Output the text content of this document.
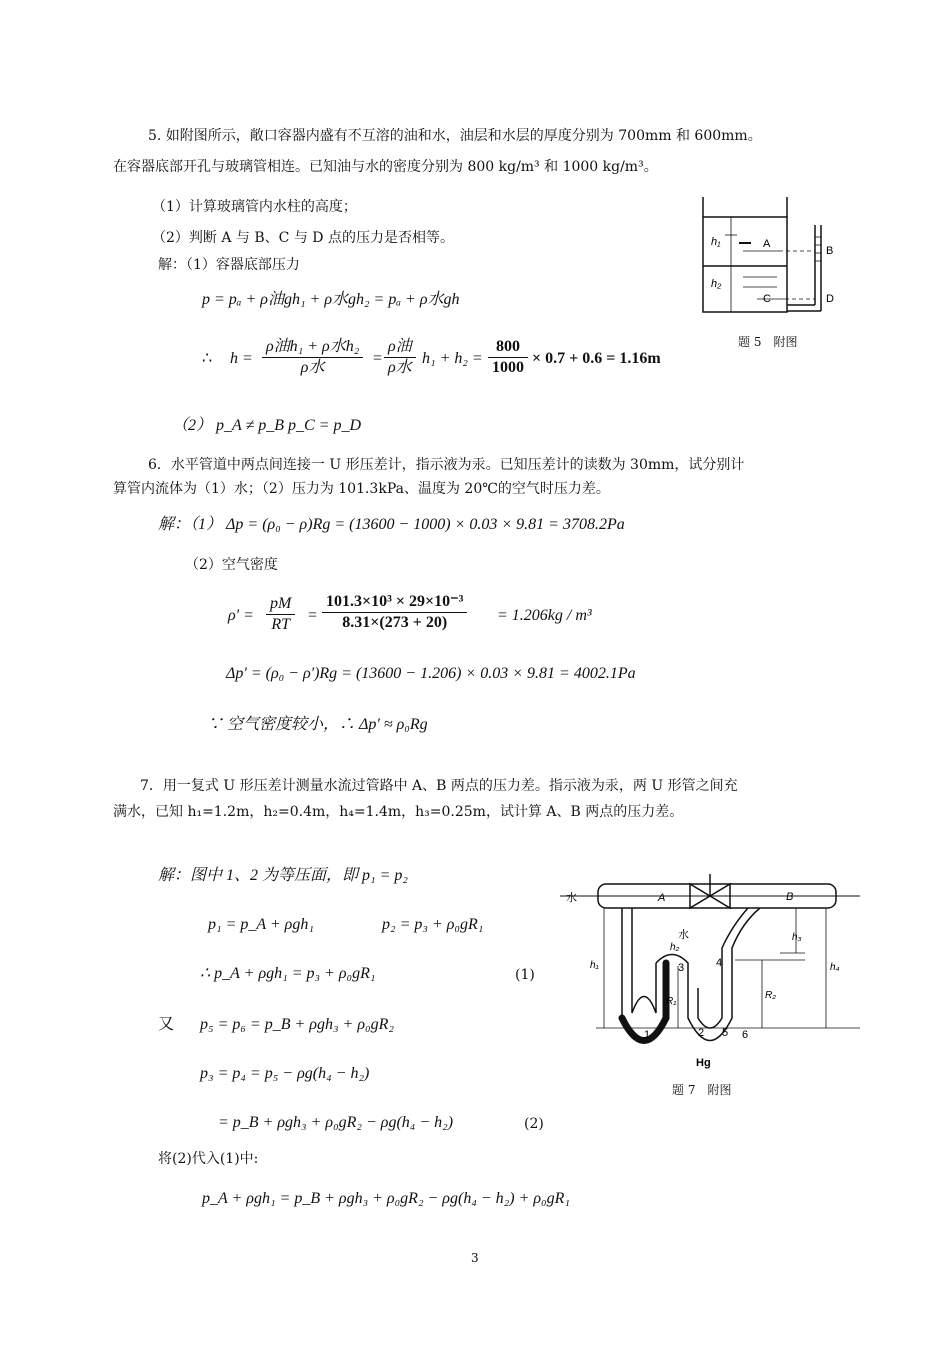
5. 如附图所示，敞口容器内盛有不互溶的油和水，油层和水层的厚度分别为 700mm 和 600mm。
在容器底部开孔与玻璃管相连。已知油与水的密度分别为 800 kg/m³ 和 1000 kg/m³。
（1）计算玻璃管内水柱的高度；
（2）判断 A 与 B、C 与 D 点的压力是否相等。
解：（1）容器底部压力
p = pₐ + ρ油gh₁ + ρ水gh₂ = pₐ + ρ水gh
∴ h =
ρ油h₁ + ρ水h₂
ρ水
=
ρ油
ρ水
$h_1 + h_2 = \frac{800}{1000} \times 0.7 + 0.6 = 1.16m$
（2） p_A ≠ p_B p_C = p_D
h₁
h₂
A
B
C	D
题 5　附图
6．水平管道中两点间连接一 U 形压差计，指示液为汞。已知压差计的读数为 30mm，试分别计
算管内流体为（1）水；（2）压力为 101.3kPa、温度为 20℃的空气时压力差。
解：（1） Δp = (ρ₀ − ρ)Rg = (13600 − 1000) × 0.03 × 9.81 = 3708.2Pa
（2）空气密度
$\rho' = \frac{pM}{RT} = \frac{\text{101.3×10³ × 29×10⁻³}}{8.31\times(273 + 20)} = 1.206kg / m^3$
Δp' = (ρ₀ − ρ')Rg = (13600 − 1.206) × 0.03 × 9.81 = 4002.1Pa
∵ 空气密度较小，∴ Δp' ≈ ρ₀Rg
7．用一复式 U 形压差计测量水流过管路中 A、B 两点的压力差。指示液为汞，两 U 形管之间充
满水，已知 h₁=1.2m，h₂=0.4m，h₄=1.4m，h₃=0.25m，试计算 A、B 两点的压力差。
解：图中 1、2 为等压面，即 p₁ = p₂
p₁ = p_A + ρgh₁	p₂ = p₃ + ρ₀gR₁
∴ p_A + ρgh₁ = p₃ + ρ₀gR₁	(1)
又 p₅ = p₆ = p_B + ρgh₃ + ρ₀gR₂
p₃ = p₄ = p₅ − ρg(h₄ − h₂)
= p_B + ρgh₃ + ρ₀gR₂ − ρg(h₄ − h₂)	(2)
将(2)代入(1)中:
p_A + ρgh₁ = p_B + ρgh₃ + ρ₀gR₂ − ρg(h₄ − h₂) + ρ₀gR₁
水	A	B
h₁
h₂
h₃
h₄
R₁
R₂
水
3	4
1	2 5 6
Hg
题 7　附图
3
